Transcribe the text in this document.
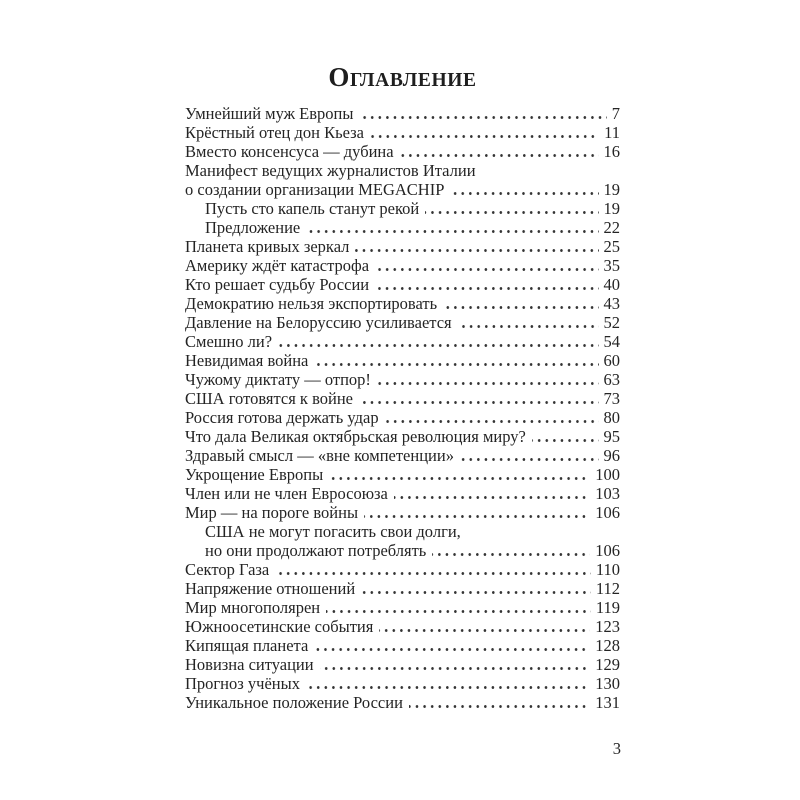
ОГЛАВЛЕНИЕ
Умнейший муж Европы	7
Крёстный отец дон Кьеза	11
Вместо консенсуса — дубина	16
Манифест ведущих журналистов Италии
о создании организации MEGACHIP	19
Пусть сто капель станут рекой	19
Предложение	22
Планета кривых зеркал	25
Америку ждёт катастрофа	35
Кто решает судьбу России	40
Демократию нельзя экспортировать	43
Давление на Белоруссию усиливается	52
Смешно ли?	54
Невидимая война	60
Чужому диктату — отпор!	63
США готовятся к войне	73
Россия готова держать удар	80
Что дала Великая октябрьская революция миру?	95
Здравый смысл — «вне компетенции»	96
Укрощение Европы	100
Член или не член Евросоюза	103
Мир — на пороге войны	106
США не могут погасить свои долги,
но они продолжают потреблять	106
Сектор Газа	110
Напряжение отношений	112
Мир многополярен	119
Южноосетинские события	123
Кипящая планета	128
Новизна ситуации	129
Прогноз учёных	130
Уникальное положение России	131
3
